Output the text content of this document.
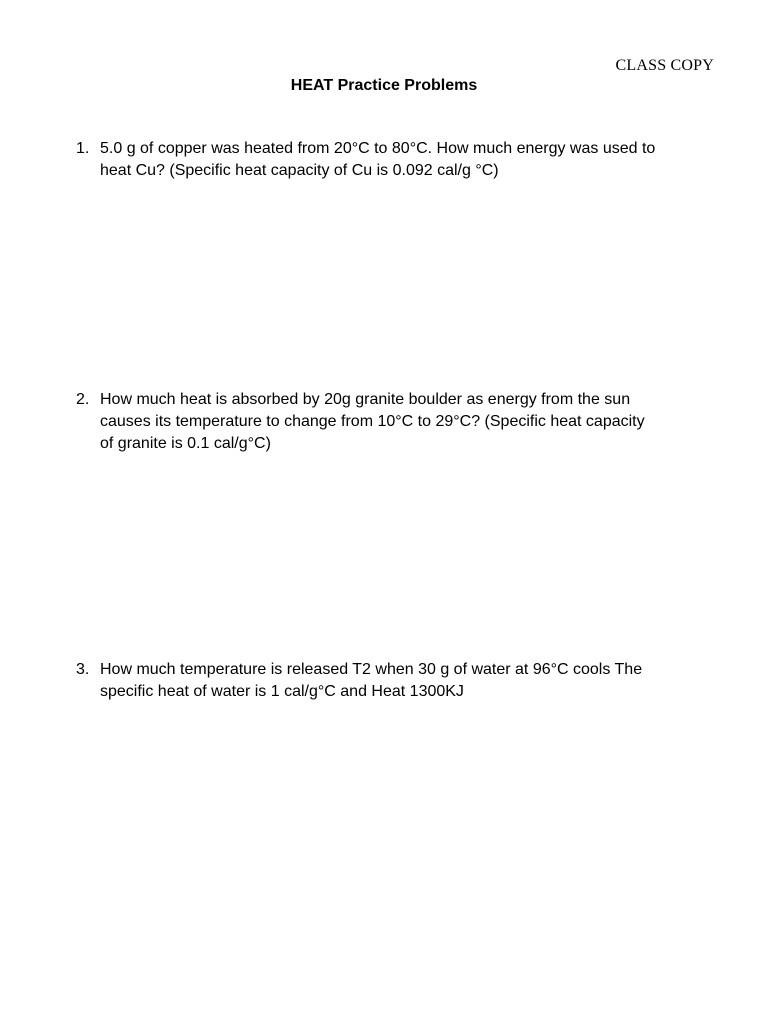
CLASS COPY
HEAT Practice Problems
1. 5.0 g of copper was heated from 20°C to 80°C. How much energy was used to
heat Cu? (Specific heat capacity of Cu is 0.092 cal/g °C)
2. How much heat is absorbed by 20g granite boulder as energy from the sun
causes its temperature to change from 10°C to 29°C? (Specific heat capacity
of granite is 0.1 cal/g°C)
3. How much temperature is released T2 when 30 g of water at 96°C cools The
specific heat of water is 1 cal/g°C and Heat 1300KJ
